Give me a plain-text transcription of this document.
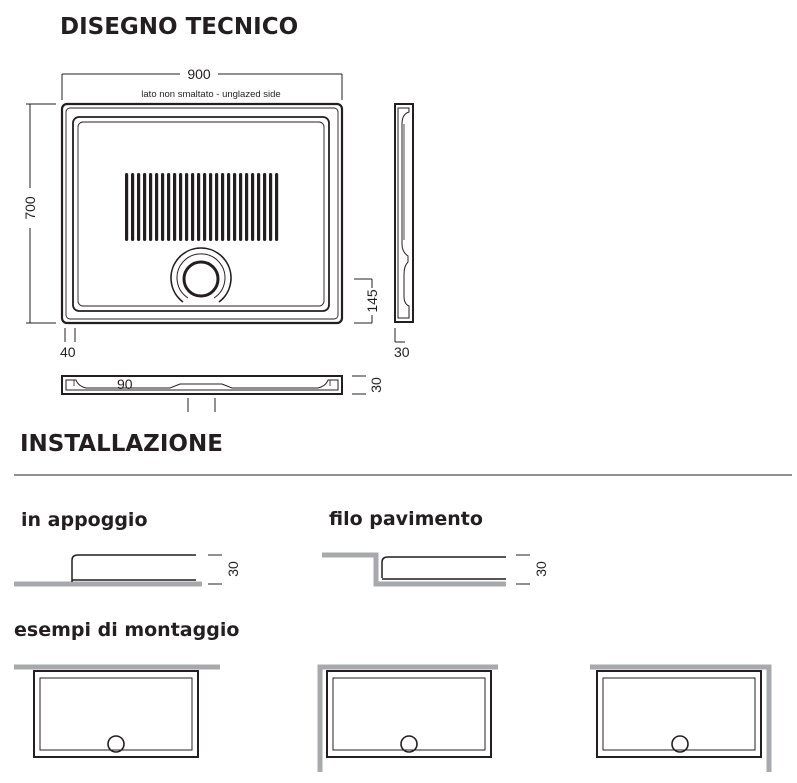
DISEGNO TECNICO
INSTALLAZIONE
in appoggio	filo pavimento
esempi di montaggio
900
lato non smaltato - unglazed side
700
40
145
30
90	30
30	30
